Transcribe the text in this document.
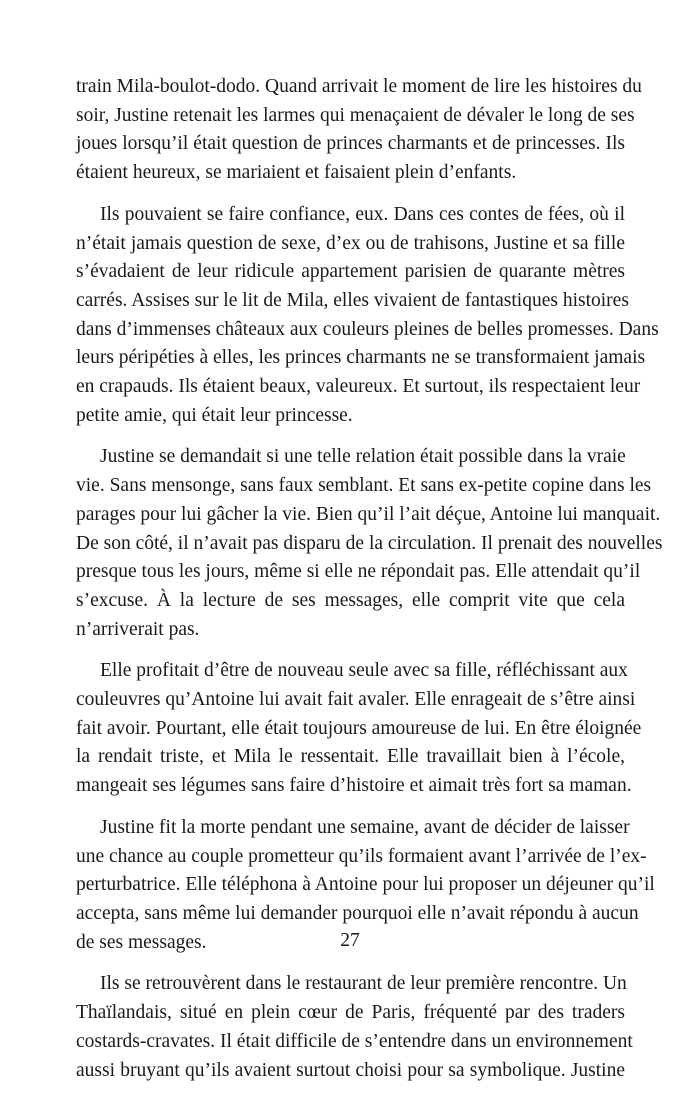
train Mila-boulot-dodo. Quand arrivait le moment de lire les histoires du
soir, Justine retenait les larmes qui menaçaient de dévaler le long de ses
joues lorsqu’il était question de princes charmants et de princesses. Ils
étaient heureux, se mariaient et faisaient plein d’enfants.
Ils pouvaient se faire confiance, eux. Dans ces contes de fées, où il
n’était jamais question de sexe, d’ex ou de trahisons, Justine et sa fille
s’évadaient de leur ridicule appartement parisien de quarante mètres
carrés. Assises sur le lit de Mila, elles vivaient de fantastiques histoires
dans d’immenses châteaux aux couleurs pleines de belles promesses. Dans
leurs péripéties à elles, les princes charmants ne se transformaient jamais
en crapauds. Ils étaient beaux, valeureux. Et surtout, ils respectaient leur
petite amie, qui était leur princesse.
Justine se demandait si une telle relation était possible dans la vraie
vie. Sans mensonge, sans faux semblant. Et sans ex-petite copine dans les
parages pour lui gâcher la vie. Bien qu’il l’ait déçue, Antoine lui manquait.
De son côté, il n’avait pas disparu de la circulation. Il prenait des nouvelles
presque tous les jours, même si elle ne répondait pas. Elle attendait qu’il
s’excuse. À la lecture de ses messages, elle comprit vite que cela
n’arriverait pas.
Elle profitait d’être de nouveau seule avec sa fille, réfléchissant aux
couleuvres qu’Antoine lui avait fait avaler. Elle enrageait de s’être ainsi
fait avoir. Pourtant, elle était toujours amoureuse de lui. En être éloignée
la rendait triste, et Mila le ressentait. Elle travaillait bien à l’école,
mangeait ses légumes sans faire d’histoire et aimait très fort sa maman.
Justine fit la morte pendant une semaine, avant de décider de laisser
une chance au couple prometteur qu’ils formaient avant l’arrivée de l’ex-
perturbatrice. Elle téléphona à Antoine pour lui proposer un déjeuner qu’il
accepta, sans même lui demander pourquoi elle n’avait répondu à aucun
de ses messages.
Ils se retrouvèrent dans le restaurant de leur première rencontre. Un
Thaïlandais, situé en plein cœur de Paris, fréquenté par des traders
costards-cravates. Il était difficile de s’entendre dans un environnement
aussi bruyant qu’ils avaient surtout choisi pour sa symbolique. Justine
27
